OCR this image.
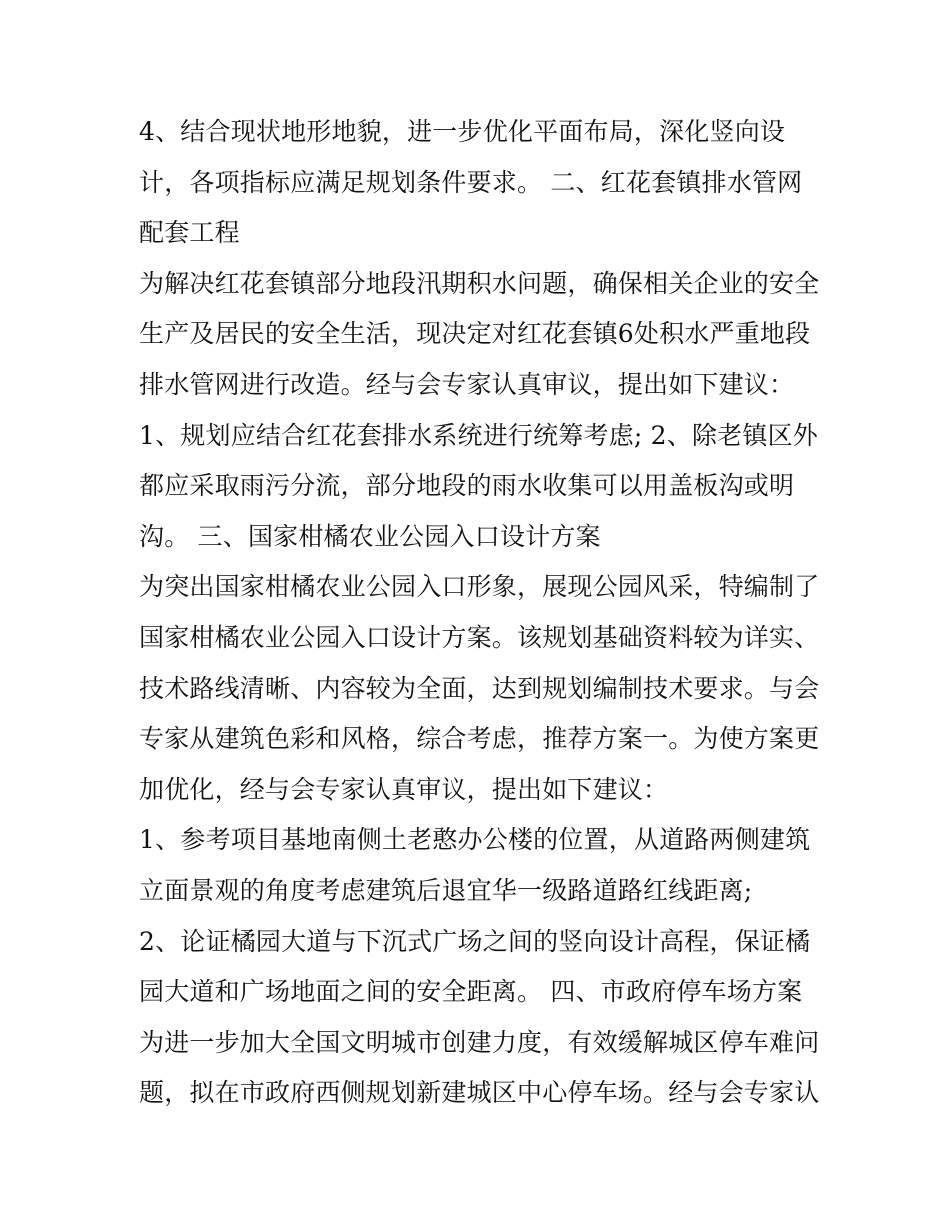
4、结合现状地形地貌，进一步优化平面布局，深化竖向设
计，各项指标应满足规划条件要求。 二、红花套镇排水管网
配套工程
为解决红花套镇部分地段汛期积水问题，确保相关企业的安全
生产及居民的安全生活，现决定对红花套镇6处积水严重地段
排水管网进行改造。经与会专家认真审议，提出如下建议：
1、规划应结合红花套排水系统进行统筹考虑; 2、除老镇区外
都应采取雨污分流，部分地段的雨水收集可以用盖板沟或明
沟。 三、国家柑橘农业公园入口设计方案
为突出国家柑橘农业公园入口形象，展现公园风采，特编制了
国家柑橘农业公园入口设计方案。该规划基础资料较为详实、
技术路线清晰、内容较为全面，达到规划编制技术要求。与会
专家从建筑色彩和风格，综合考虑，推荐方案一。为使方案更
加优化，经与会专家认真审议，提出如下建议：
1、参考项目基地南侧土老憨办公楼的位置，从道路两侧建筑
立面景观的角度考虑建筑后退宜华一级路道路红线距离;
2、论证橘园大道与下沉式广场之间的竖向设计高程，保证橘
园大道和广场地面之间的安全距离。 四、市政府停车场方案
为进一步加大全国文明城市创建力度，有效缓解城区停车难问
题，拟在市政府西侧规划新建城区中心停车场。经与会专家认
